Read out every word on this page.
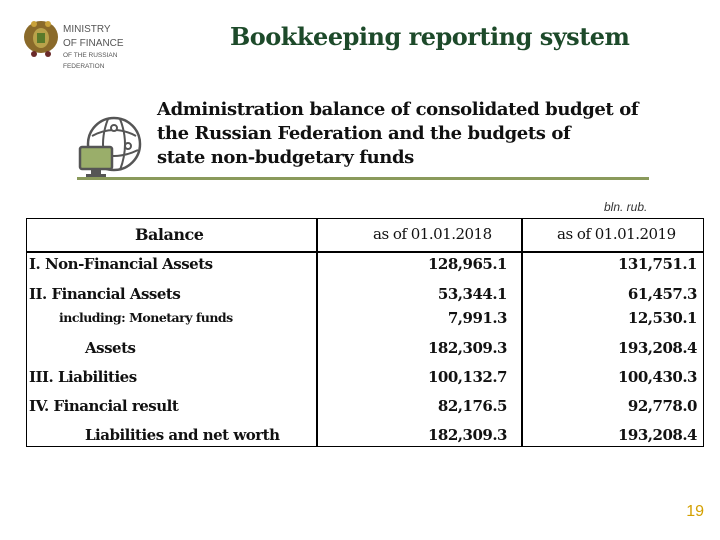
MINISTRY
OF FINANCE
OF THE RUSSIAN
FEDERATION
Bookkeeping reporting system
Administration balance of consolidated budget of
the Russian Federation and the budgets of
state non-budgetary funds
bln. rub.
Balance	as of 01.01.2018	as of 01.01.2019
I. Non-Financial Assets	128,965.1	131,751.1
II. Financial Assets	53,344.1	61,457.3
including: Monetary funds	7,991.3	12,530.1
Assets	182,309.3	193,208.4
III. Liabilities	100,132.7	100,430.3
IV. Financial result	82,176.5	92,778.0
Liabilities and net worth	182,309.3	193,208.4
19
